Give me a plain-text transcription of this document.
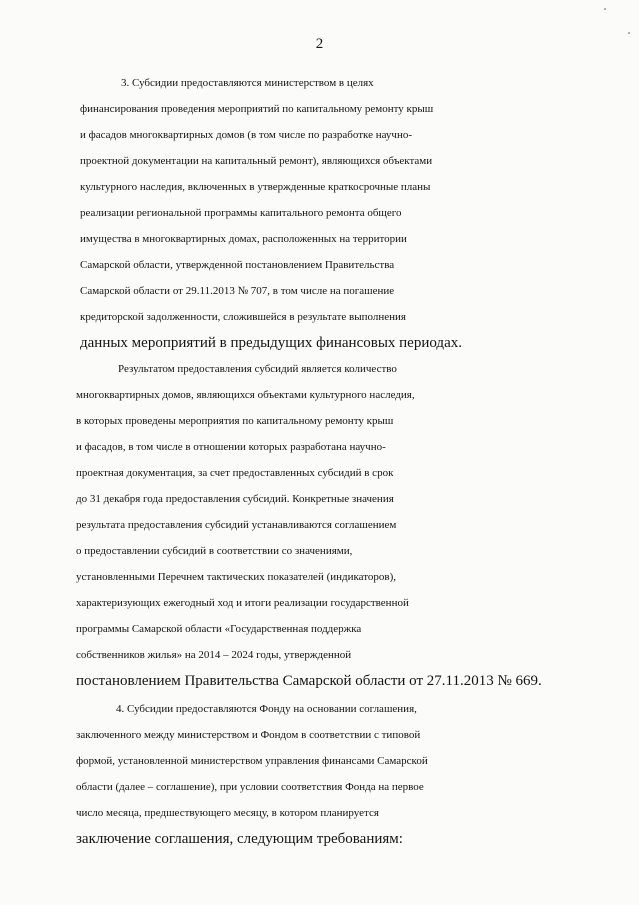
2
3. Субсидии предоставляются министерством в целях
финансирования проведения мероприятий по капитальному ремонту крыш
и фасадов многоквартирных домов (в том числе по разработке научно-
проектной документации на капитальный ремонт), являющихся объектами
культурного наследия, включенных в утвержденные краткосрочные планы
реализации региональной программы капитального ремонта общего
имущества в многоквартирных домах, расположенных на территории
Самарской области, утвержденной постановлением Правительства
Самарской области от 29.11.2013 № 707, в том числе на погашение
кредиторской задолженности, сложившейся в результате выполнения
данных мероприятий в предыдущих финансовых периодах.
Результатом предоставления субсидий является количество
многоквартирных домов, являющихся объектами культурного наследия,
в которых проведены мероприятия по капитальному ремонту крыш
и фасадов, в том числе в отношении которых разработана научно-
проектная документация, за счет предоставленных субсидий в срок
до 31 декабря года предоставления субсидий. Конкретные значения
результата предоставления субсидий устанавливаются соглашением
о предоставлении субсидий в соответствии со значениями,
установленными Перечнем тактических показателей (индикаторов),
характеризующих ежегодный ход и итоги реализации государственной
программы Самарской области «Государственная поддержка
собственников жилья» на 2014 – 2024 годы, утвержденной
постановлением Правительства Самарской области от 27.11.2013 № 669.
4. Субсидии предоставляются Фонду на основании соглашения,
заключенного между министерством и Фондом в соответствии с типовой
формой, установленной министерством управления финансами Самарской
области (далее – соглашение), при условии соответствия Фонда на первое
число месяца, предшествующего месяцу, в котором планируется
заключение соглашения, следующим требованиям:
